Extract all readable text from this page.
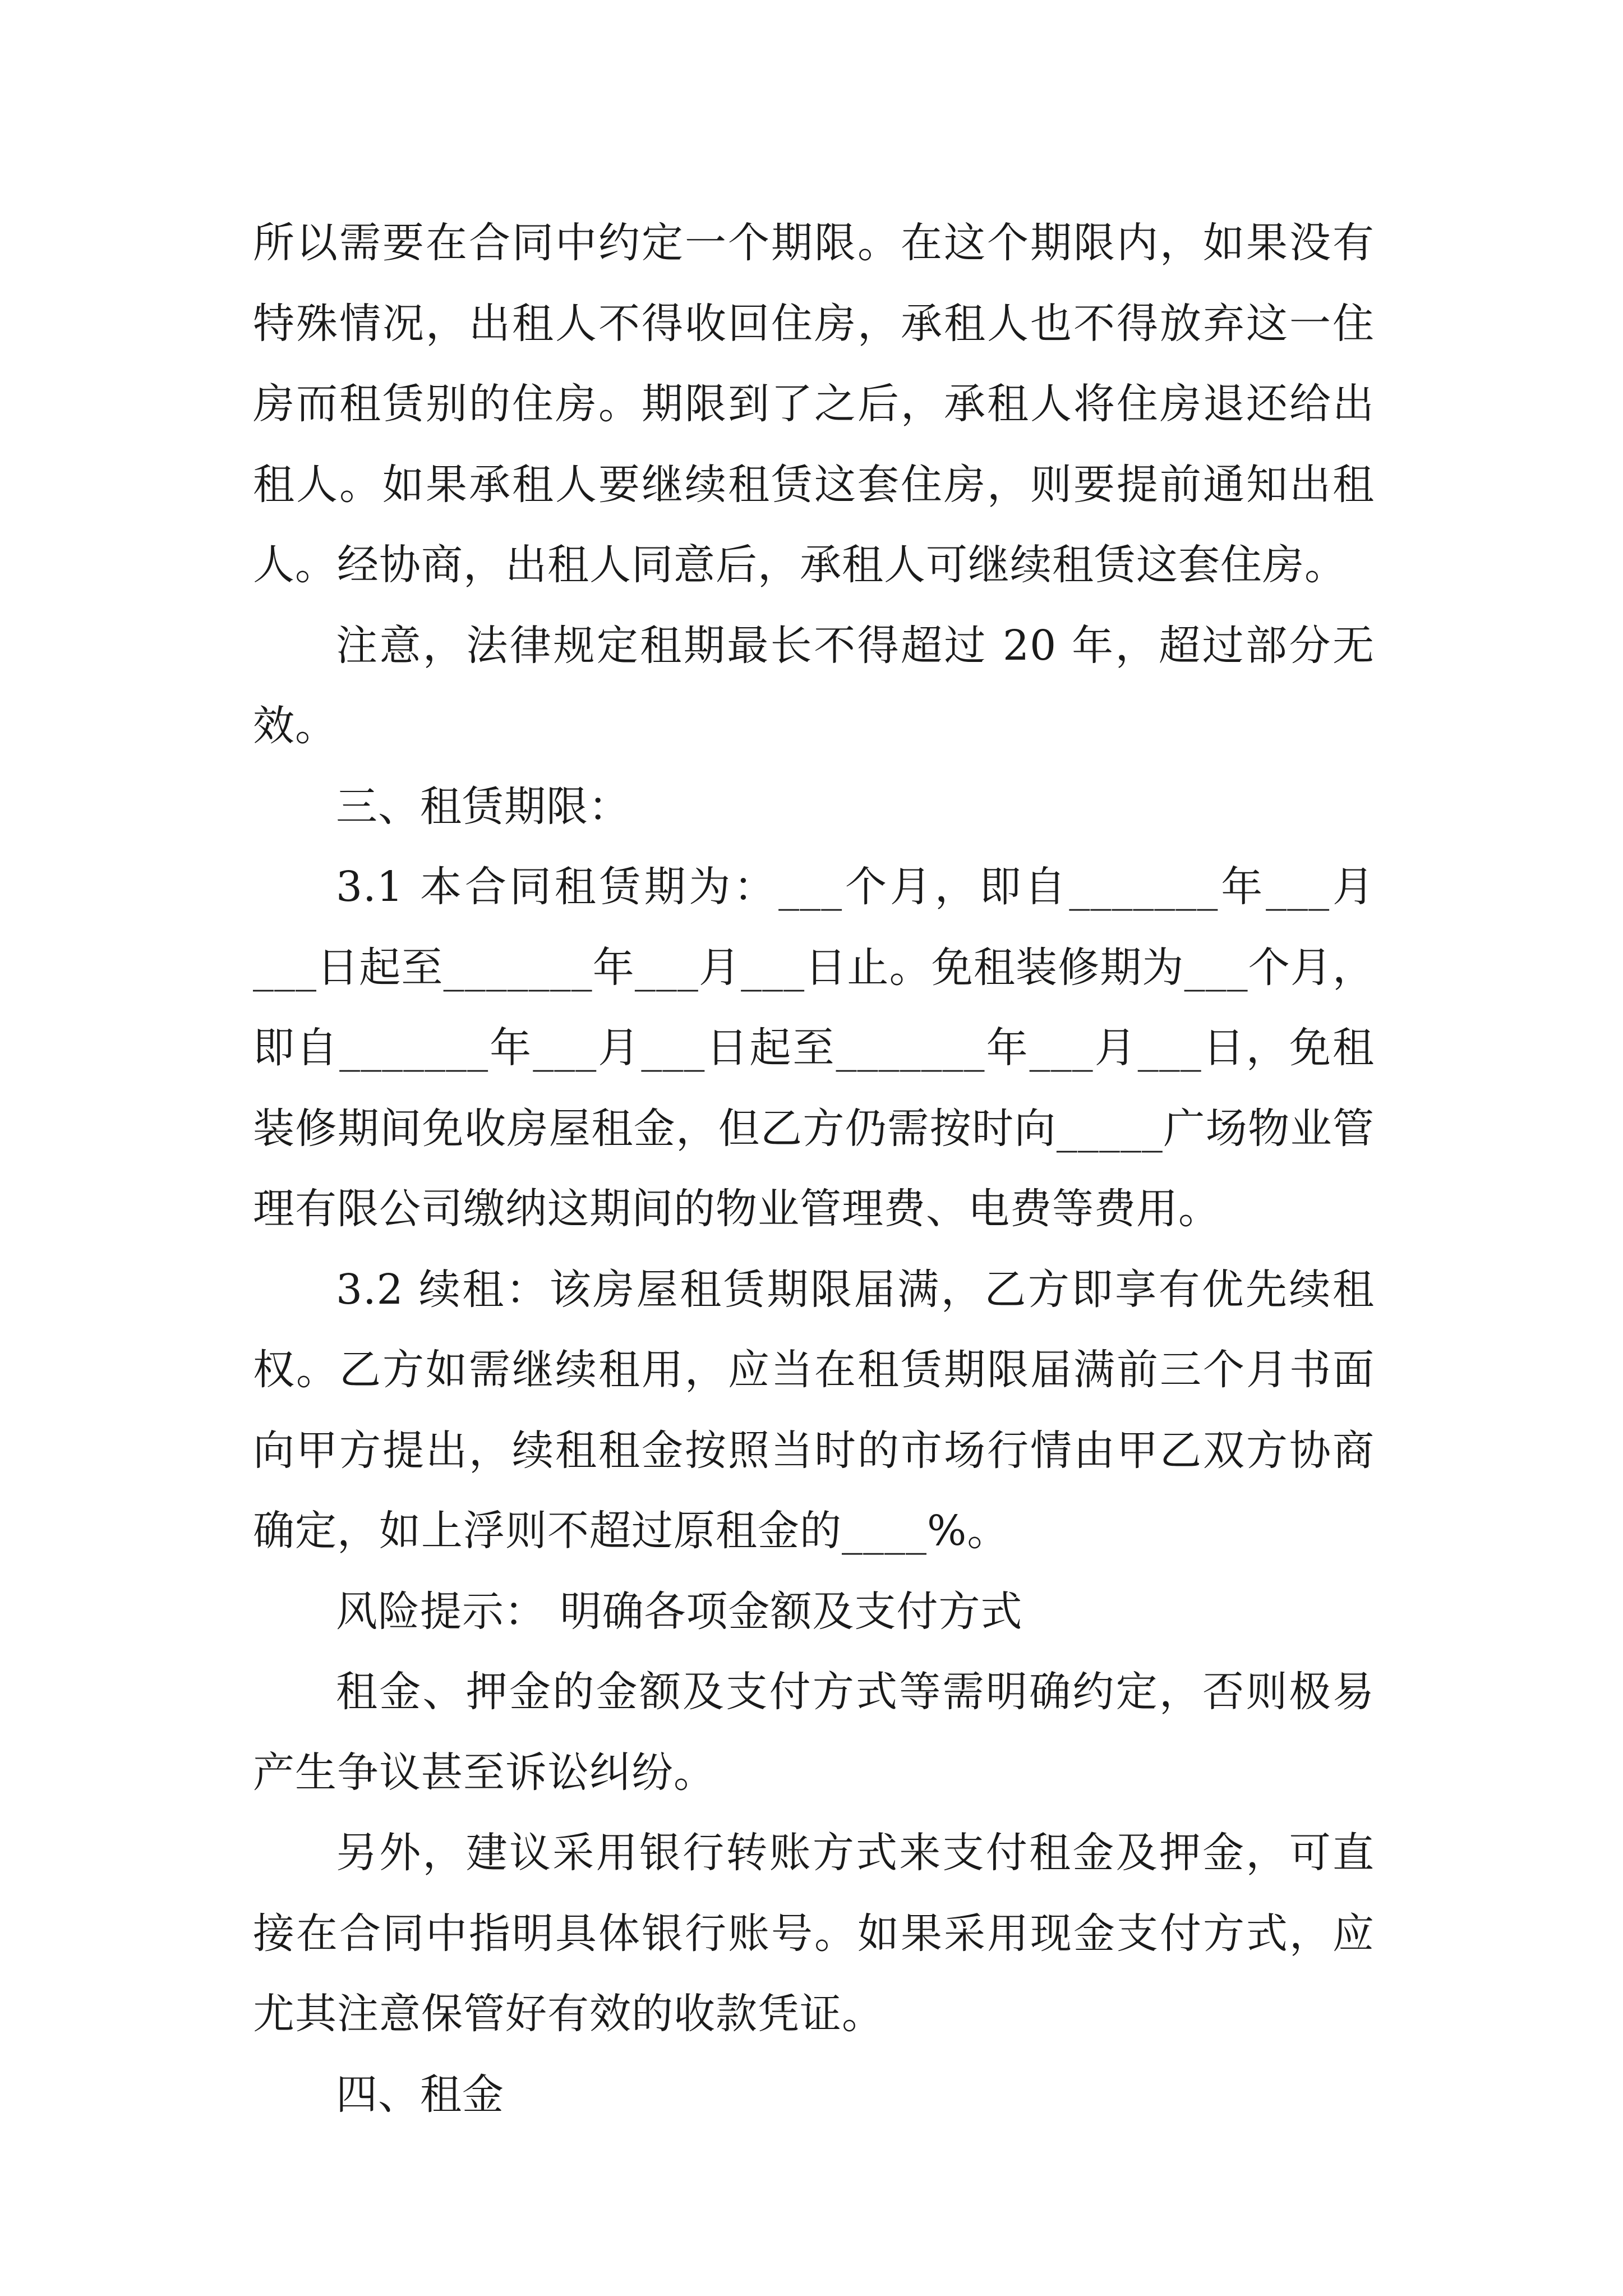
所以需要在合同中约定一个期限。在这个期限内，如果没有特殊情况，出租人不得收回住房，承租人也不得放弃这一住房而租赁别的住房。期限到了之后，承租人将住房退还给出租人。如果承租人要继续租赁这套住房，则要提前通知出租人。经协商，出租人同意后，承租人可继续租赁这套住房。

注意，法律规定租期最长不得超过 20 年，超过部分无效。

三、租赁期限：

3.1 本合同租赁期为：___个月，即自_______年___月___日起至_______年___月___日止。免租装修期为___个月，即自_______年___月___日起至_______年___月___日，免租装修期间免收房屋租金，但乙方仍需按时向_____广场物业管理有限公司缴纳这期间的物业管理费、电费等费用。

3.2 续租：该房屋租赁期限届满，乙方即享有优先续租权。乙方如需继续租用，应当在租赁期限届满前三个月书面向甲方提出，续租租金按照当时的市场行情由甲乙双方协商确定，如上浮则不超过原租金的____%。

风险提示： 明确各项金额及支付方式

租金、押金的金额及支付方式等需明确约定，否则极易产生争议甚至诉讼纠纷。

另外，建议采用银行转账方式来支付租金及押金，可直接在合同中指明具体银行账号。如果采用现金支付方式，应尤其注意保管好有效的收款凭证。

四、租金
